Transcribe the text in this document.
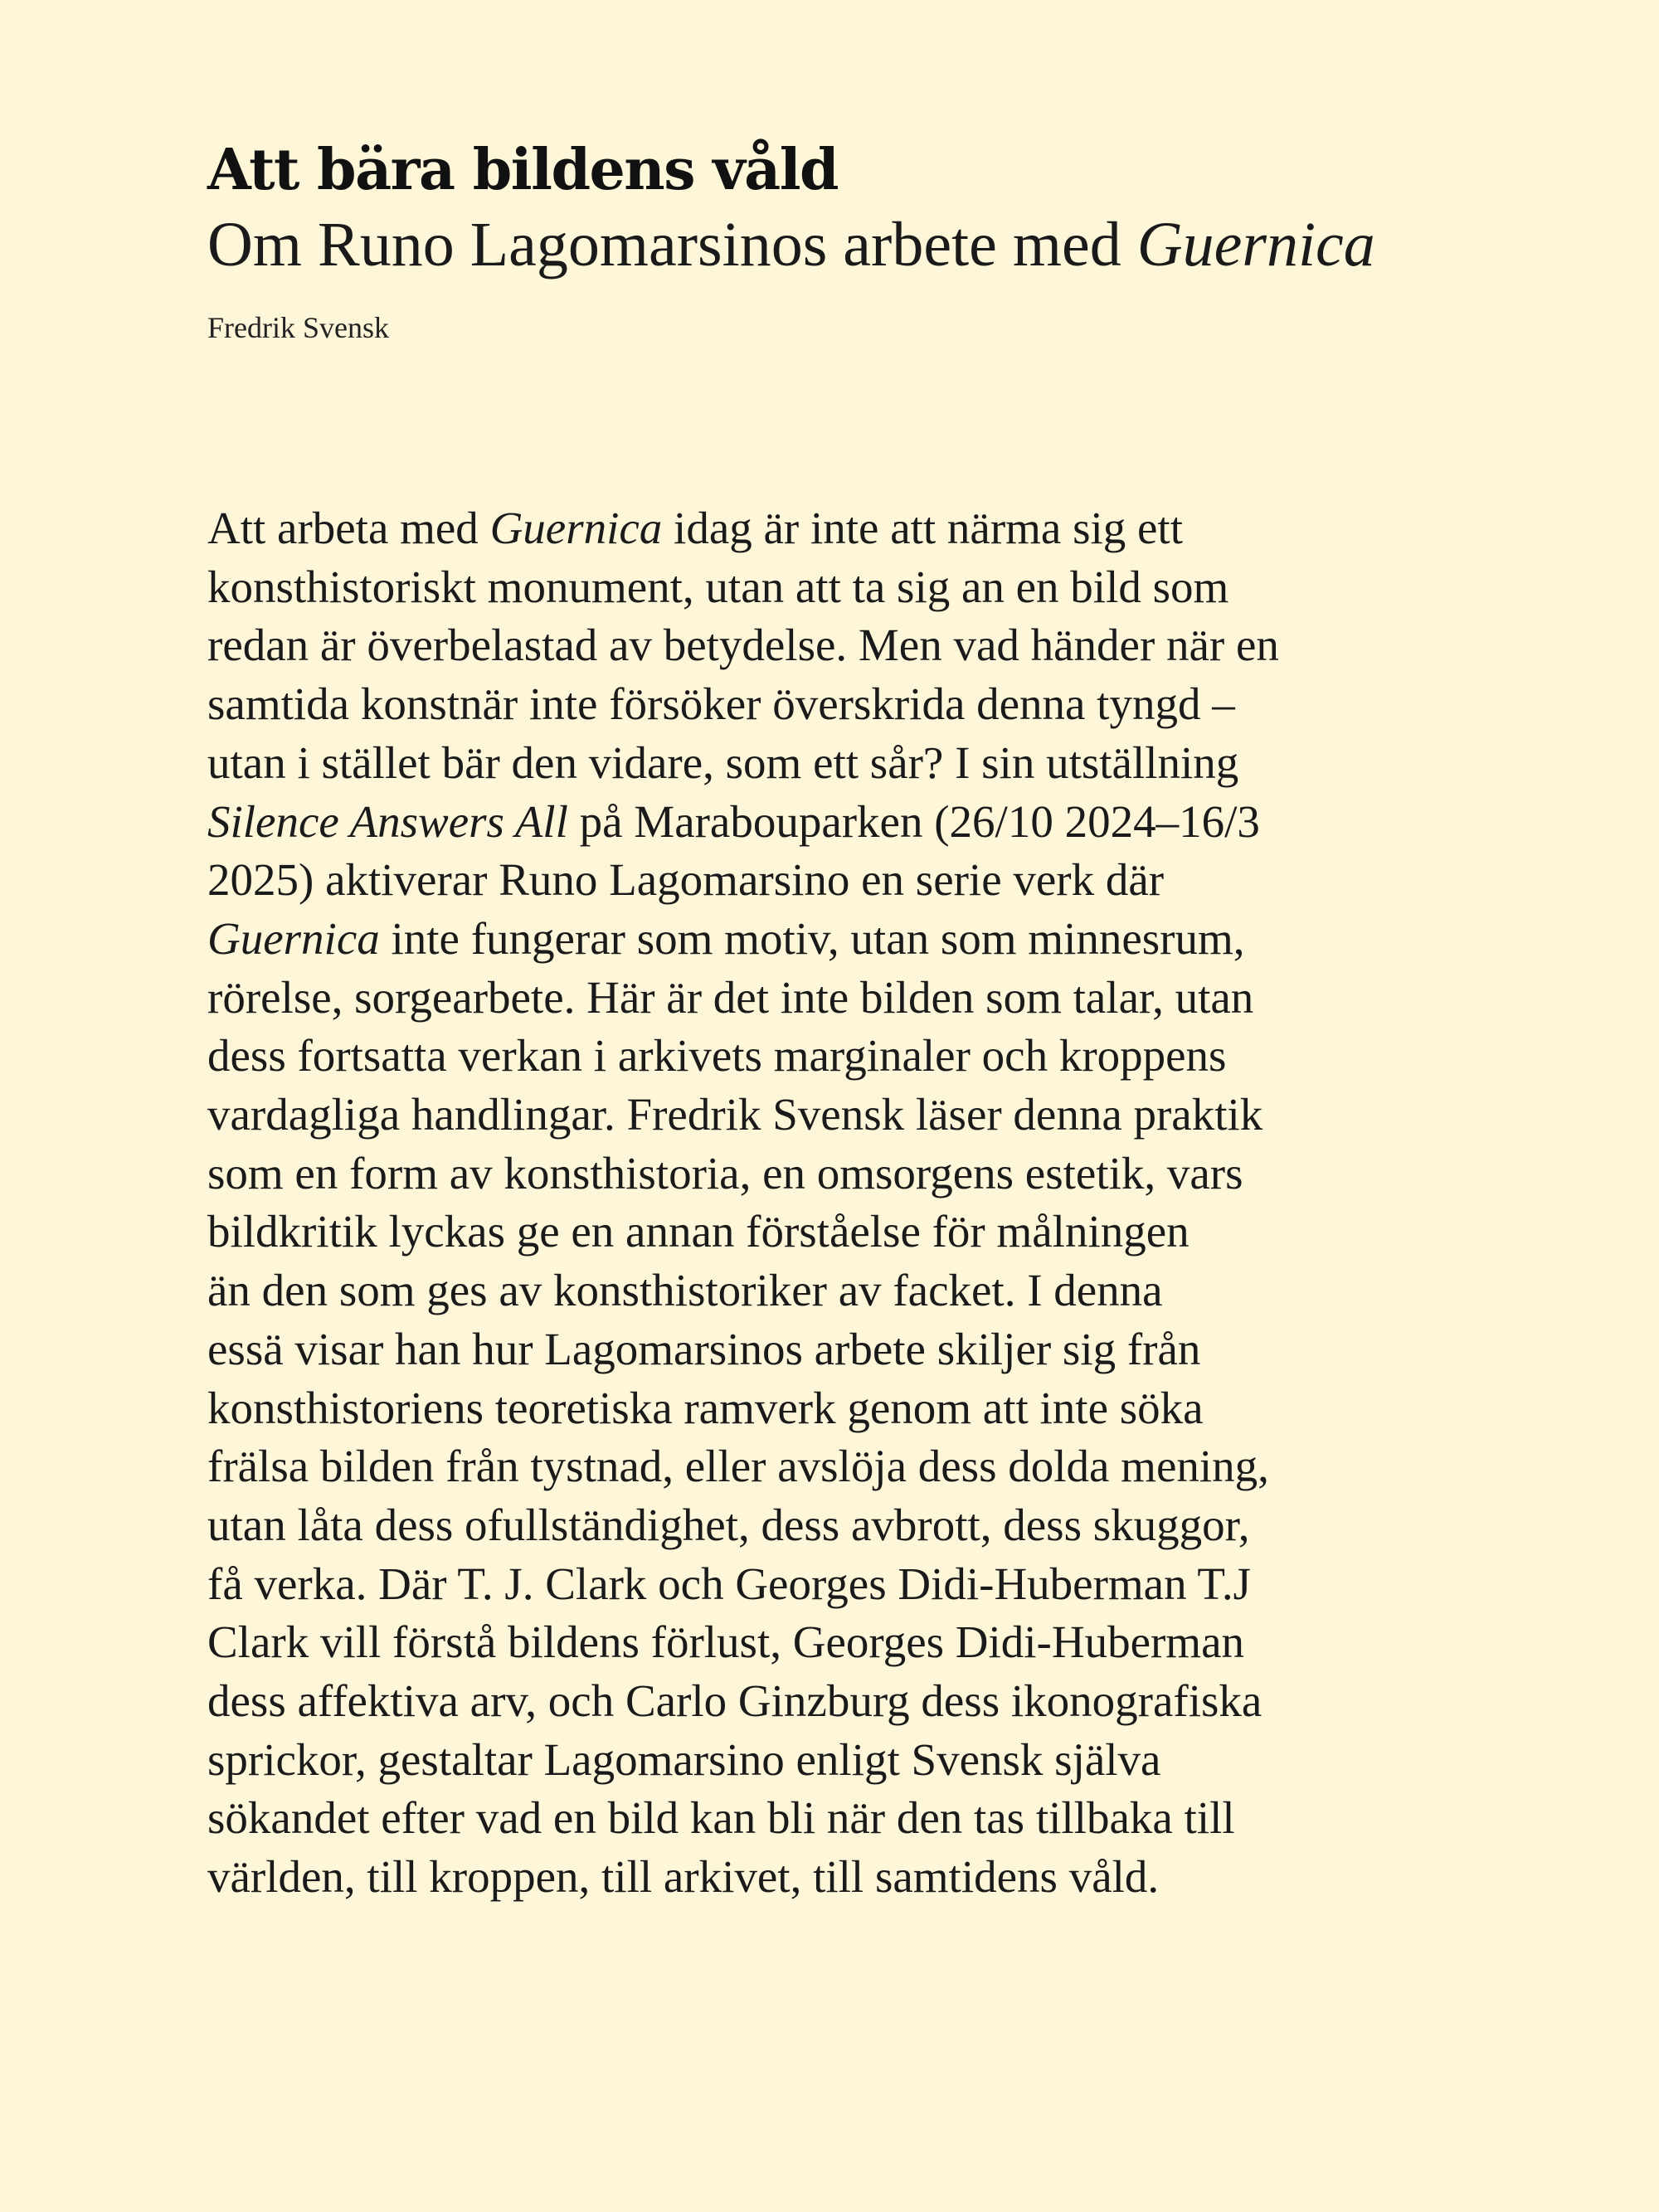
Att bära bildens våld
Om Runo Lagomarsinos arbete med Guernica

Fredrik Svensk

Att arbeta med Guernica idag är inte att närma sig ett
konsthistoriskt monument, utan att ta sig an en bild som
redan är överbelastad av betydelse. Men vad händer när en
samtida konstnär inte försöker överskrida denna tyngd –
utan i stället bär den vidare, som ett sår? I sin utställning
Silence Answers All på Marabouparken (26/10 2024–16/3
2025) aktiverar Runo Lagomarsino en serie verk där
Guernica inte fungerar som motiv, utan som minnesrum,
rörelse, sorgearbete. Här är det inte bilden som talar, utan
dess fortsatta verkan i arkivets marginaler och kroppens
vardagliga handlingar. Fredrik Svensk läser denna praktik
som en form av konsthistoria, en omsorgens estetik, vars
bildkritik lyckas ge en annan förståelse för målningen
än den som ges av konsthistoriker av facket. I denna
essä visar han hur Lagomarsinos arbete skiljer sig från
konsthistoriens teoretiska ramverk genom att inte söka
frälsa bilden från tystnad, eller avslöja dess dolda mening,
utan låta dess ofullständighet, dess avbrott, dess skuggor,
få verka. Där T. J. Clark och Georges Didi-Huberman T.J
Clark vill förstå bildens förlust, Georges Didi-Huberman
dess affektiva arv, och Carlo Ginzburg dess ikonografiska
sprickor, gestaltar Lagomarsino enligt Svensk själva
sökandet efter vad en bild kan bli när den tas tillbaka till
världen, till kroppen, till arkivet, till samtidens våld.
